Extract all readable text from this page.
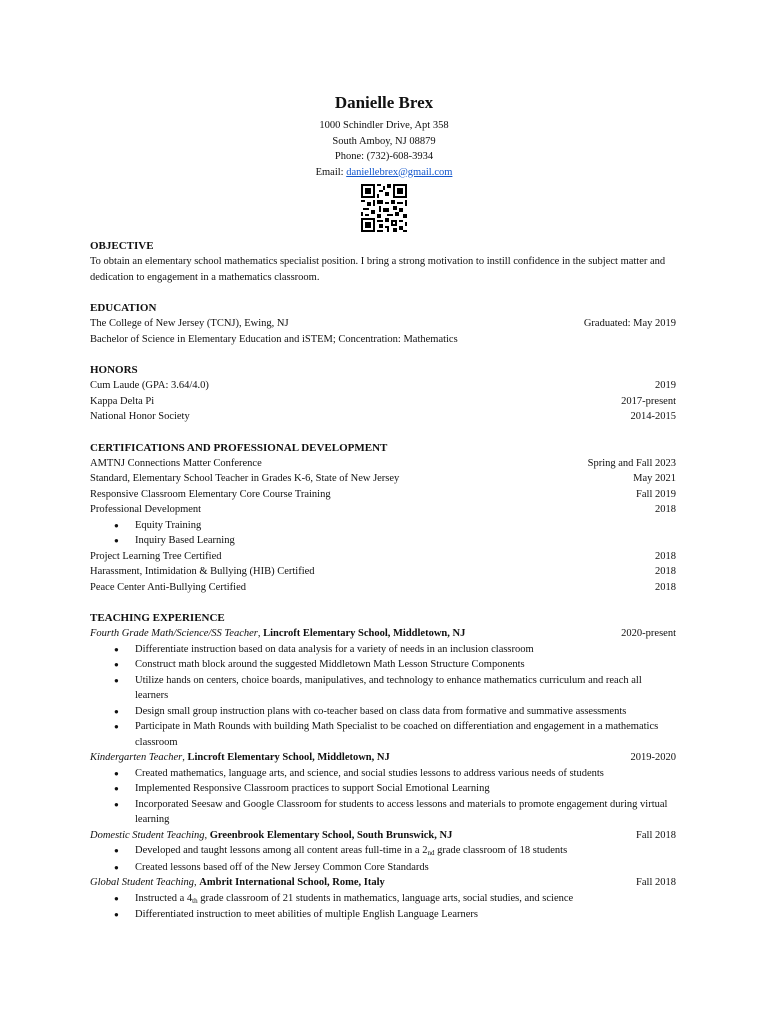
Danielle Brex
1000 Schindler Drive, Apt 358
South Amboy, NJ 08879
Phone: (732)-608-3934
Email: daniellebrex@gmail.com
OBJECTIVE
To obtain an elementary school mathematics specialist position. I bring a strong motivation to instill confidence in the subject matter and dedication to engagement in a mathematics classroom.
EDUCATION
The College of New Jersey (TCNJ), Ewing, NJ	Graduated: May 2019
Bachelor of Science in Elementary Education and iSTEM; Concentration: Mathematics
HONORS
Cum Laude (GPA: 3.64/4.0)	2019
Kappa Delta Pi	2017-present
National Honor Society	2014-2015
CERTIFICATIONS AND PROFESSIONAL DEVELOPMENT
AMTNJ Connections Matter Conference	Spring and Fall 2023
Standard, Elementary School Teacher in Grades K-6, State of New Jersey	May 2021
Responsive Classroom Elementary Core Course Training	Fall 2019
Professional Development	2018
● Equity Training
● Inquiry Based Learning
Project Learning Tree Certified	2018
Harassment, Intimidation & Bullying (HIB) Certified	2018
Peace Center Anti-Bullying Certified	2018
TEACHING EXPERIENCE
Fourth Grade Math/Science/SS Teacher, Lincroft Elementary School, Middletown, NJ	2020-present
● Differentiate instruction based on data analysis for a variety of needs in an inclusion classroom
● Construct math block around the suggested Middletown Math Lesson Structure Components
● Utilize hands on centers, choice boards, manipulatives, and technology to enhance mathematics curriculum and reach all learners
● Design small group instruction plans with co-teacher based on class data from formative and summative assessments
● Participate in Math Rounds with building Math Specialist to be coached on differentiation and engagement in a mathematics classroom
Kindergarten Teacher, Lincroft Elementary School, Middletown, NJ	2019-2020
● Created mathematics, language arts, and science, and social studies lessons to address various needs of students
● Implemented Responsive Classroom practices to support Social Emotional Learning
● Incorporated Seesaw and Google Classroom for students to access lessons and materials to promote engagement during virtual learning
Domestic Student Teaching, Greenbrook Elementary School, South Brunswick, NJ	Fall 2018
● Developed and taught lessons among all content areas full-time in a $2_{nd}$ grade classroom of 18 students
● Created lessons based off of the New Jersey Common Core Standards
Global Student Teaching, Ambrit International School, Rome, Italy	Fall 2018
● Instructed a $4_{th}$ grade classroom of 21 students in mathematics, language arts, social studies, and science
● Differentiated instruction to meet abilities of multiple English Language Learners
